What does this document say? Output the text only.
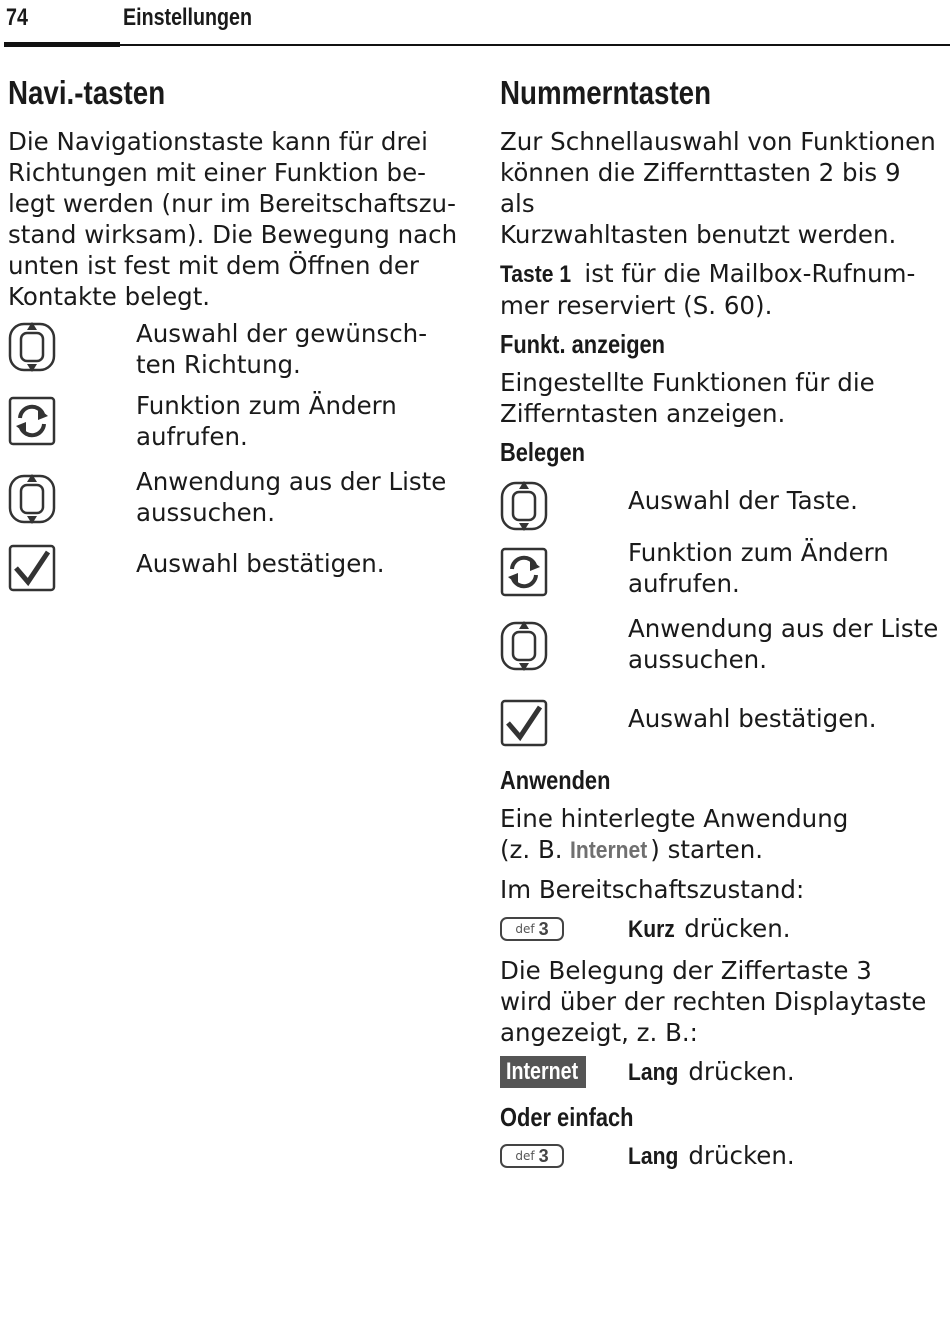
74	Einstellungen
Navi.-tasten

Die Navigationstaste kann für drei
Richtungen mit einer Funktion be-
legt werden (nur im Bereitschaftszu-
stand wirksam). Die Bewegung nach
unten ist fest mit dem Öffnen der
Kontakte belegt.

Auswahl der gewünsch-
ten Richtung.
Funktion zum Ändern
aufrufen.
Anwendung aus der Liste
aussuchen.
Auswahl bestätigen.
Nummerntasten

Zur Schnellauswahl von Funktionen
können die Ziffernttasten 2 bis 9 als
Kurzwahltasten benutzt werden.

Taste 1 ist für die Mailbox-Rufnum-
mer reserviert (S. 60).

Funkt. anzeigen

Eingestellte Funktionen für die
Zifferntasten anzeigen.

Belegen
Auswahl der Taste.
Funktion zum Ändern
aufrufen.
Anwendung aus der Liste
aussuchen.
Auswahl bestätigen.
Anwenden

Eine hinterlegte Anwendung
(z. B. Internet ) starten.

Im Bereitschaftszustand:

def 3	Kurz drücken.

Die Belegung der Ziffertaste 3
wird über der rechten Displaytaste
angezeigt, z. B.:

Internet	Lang drücken.
Oder einfach
def 3	Lang drücken.
